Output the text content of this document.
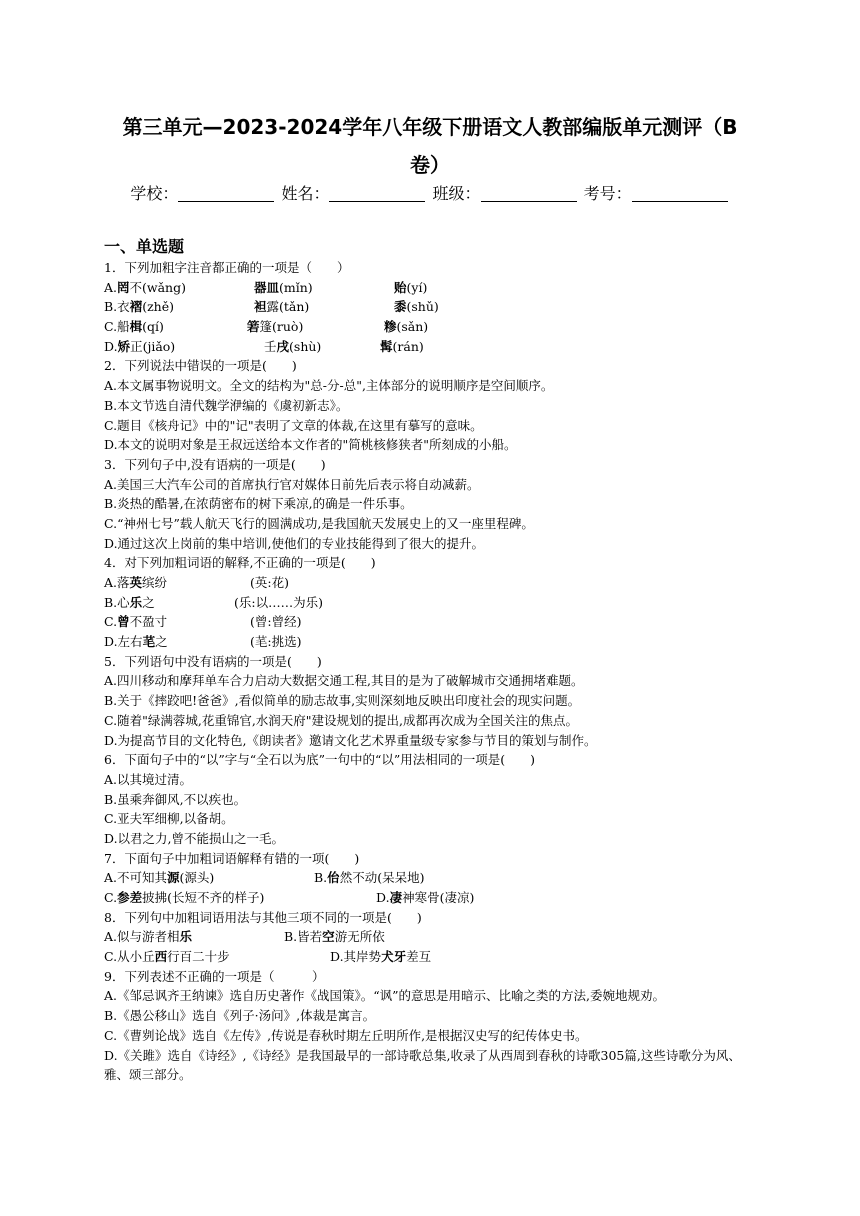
第三单元—2023-2024学年八年级下册语文人教部编版单元测评（B
卷）
学校：	姓名：	班级：	考号：
一、单选题
1．下列加粗字注音都正确的一项是（　　）
A.罔不(wǎng)	器皿(mǐn)	贻(yí)
B.衣褶(zhě)	袒露(tǎn)	黍(shǔ)
C.船楫(qí)	箬篷(ruò)	糁(sǎn)
D.矫正(jiǎo)	壬戌(shù)	髯(rán)
2．下列说法中错误的一项是(　　)
A.本文属事物说明文。全文的结构为"总-分-总",主体部分的说明顺序是空间顺序。
B.本文节选自清代魏学洢编的《虞初新志》。
C.题目《核舟记》中的"记"表明了文章的体裁,在这里有摹写的意味。
D.本文的说明对象是王叔远送给本文作者的"简桃核修狭者"所刻成的小船。
3．下列句子中,没有语病的一项是(　　)
A.美国三大汽车公司的首席执行官对媒体日前先后表示将自动减薪。
B.炎热的酷暑,在浓荫密布的树下乘凉,的确是一件乐事。
C.“神州七号”载人航天飞行的圆满成功,是我国航天发展史上的又一座里程碑。
D.通过这次上岗前的集中培训,使他们的专业技能得到了很大的提升。
4．对下列加粗词语的解释,不正确的一项是(　　)
A.落英缤纷	(英:花)
B.心乐之	(乐:以……为乐)
C.曾不盈寸	(曾:曾经)
D.左右芼之	(芼:挑选)
5．下列语句中没有语病的一项是(　　)
A.四川移动和摩拜单车合力启动大数据交通工程,其目的是为了破解城市交通拥堵难题。
B.关于《摔跤吧!爸爸》,看似简单的励志故事,实则深刻地反映出印度社会的现实问题。
C.随着"绿满蓉城,花重锦官,水润天府"建设规划的提出,成都再次成为全国关注的焦点。
D.为提高节目的文化特色,《朗读者》邀请文化艺术界重量级专家参与节目的策划与制作。
6．下面句子中的“以”字与“全石以为底”一句中的“以”用法相同的一项是(　　)
A.以其境过清。
B.虽乘奔御风,不以疾也。
C.亚夫军细柳,以备胡。
D.以君之力,曾不能损山之一毛。
7．下面句子中加粗词语解释有错的一项(　　)
A.不可知其源(源头)	B.佁然不动(呆呆地)
C.参差披拂(长短不齐的样子)	D.凄神寒骨(凄凉)
8．下列句中加粗词语用法与其他三项不同的一项是(　　)
A.似与游者相乐	B.皆若空游无所依
C.从小丘西行百二十步	D.其岸势犬牙差互
9．下列表述不正确的一项是（　　　）
A.《邹忌讽齐王纳谏》选自历史著作《战国策》。“讽”的意思是用暗示、比喻之类的方法,委婉地规劝。
B.《愚公移山》选自《列子·汤问》,体裁是寓言。
C.《曹刿论战》选自《左传》,传说是春秋时期左丘明所作,是根据汉史写的纪传体史书。
D.《关雎》选自《诗经》,《诗经》是我国最早的一部诗歌总集,收录了从西周到春秋的诗歌305篇,这些诗歌分为风、雅、颂三部分。
